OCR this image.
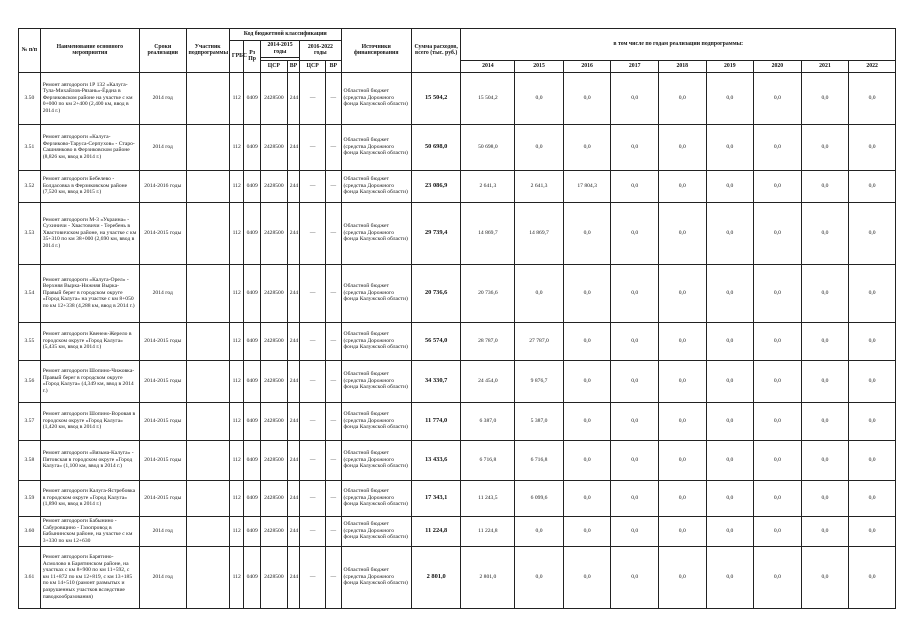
№ п/п	Наименование основного мероприятия	Сроки реализации	Участник подпрограммы	Код бюджетной классификации						Источники финансирования	Сумма расходов, всего (тыс. руб.)	в том числе по годам реализации подпрограммы:								
				ГРБС	Рз Пр	2014-2015 годы		2016-2022 годы												

						ЦСР	ВР	ЦСР	ВР			2014	2015	2016	2017	2018	2019	2020	2021	2022
3.50	Ремонт автодороги 1Р 132 «Калуга-Тула-Михайлов-Рязань»-Ёрдна в Ферзиковском районе на участке с км 0+000 по км 2+400 (2,400 км, ввод в 2014 г.)	2014 год		112	0409	2428500	244	—	—	Областной бюджет (средства Дорожного фонда Калужской области)	15 504,2	15 504,2	0,0	0,0	0,0	0,0	0,0	0,0	0,0	0,0
3.51	Ремонт автодороги «Калуга-Ферзиково-Таруса-Серпухов» - Старо-Сашнянково в Ферзиковском районе (8,826 км, ввод в 2014 г.)	2014 год		112	0409	2428500	244	—	—	Областной бюджет (средства Дорожного фонда Калужской области)	50 698,0	50 698,0	0,0	0,0	0,0	0,0	0,0	0,0	0,0	0,0
3.52	Ремонт автодороги Бебелево - Болдасовка в Ферзиковском районе (7,520 км, ввод в 2015 г.)	2014-2016 годы		112	0409	2428500	244	—	—	Областной бюджет (средства Дорожного фонда Калужской области)	23 086,9	2 641,3	2 641,3	17 804,3	0,0	0,0	0,0	0,0	0,0	0,0
3.53	Ремонт автодороги М-3 «Украина» - Сухиничи - Хвастовичи - Теребень в Хвастовичском районе, на участке с км 35+310 по км 38+000 (2,690 км, ввод в 2014 г.)	2014-2015 годы		112	0409	2428500	244	—	—	Областной бюджет (средства Дорожного фонда Калужской области)	29 739,4	14 869,7	14 869,7	0,0	0,0	0,0	0,0	0,0	0,0	0,0
3.54	Ремонт автодороги «Калуга-Орел» - Верхняя Вырка-Нижняя Вырка-Правый берег в городском округе «Город Калуга» на участке с км 8+050 по км 12+338 (4,288 км, ввод в 2014 г.)	2014 год		112	0409	2428500	244	—	—	Областной бюджет (средства Дорожного фонда Калужской области)	20 736,6	20 736,6	0,0	0,0	0,0	0,0	0,0	0,0	0,0	0,0
3.55	Ремонт автодороги Квенеж-Жерело в городском округе «Город Калуга» (5,435 км, ввод в 2014 г.)	2014-2015 годы		112	0409	2428500	244	—	—	Областной бюджет (средства Дорожного фонда Калужской области)	56 574,0	28 787,0	27 787,0	0,0	0,0	0,0	0,0	0,0	0,0	0,0
3.56	Ремонт автодороги Шопино-Чижовка-Правый берег в городском округе «Город Калуга» (4,349 км, ввод в 2014 г.)	2014-2015 годы		112	0409	2428500	244	—	—	Областной бюджет (средства Дорожного фонда Калужской области)	34 330,7	24 454,0	9 876,7	0,0	0,0	0,0	0,0	0,0	0,0	0,0
3.57	Ремонт автодороги Шопино-Воровая в городском округе «Город Калуга» (1,420 км, ввод в 2014 г.)	2014-2015 годы		112	0409	2428500	244	—	—	Областной бюджет (средства Дорожного фонда Калужской области)	11 774,0	6 387,0	5 387,0	0,0	0,0	0,0	0,0	0,0	0,0	0,0
3.58	Ремонт автодороги «Вязьма-Калуга» - Пятовская в городском округе «Город Калуга» (1,100 км, ввод в 2014 г.)	2014-2015 годы		112	0409	2428500	244	—	—	Областной бюджет (средства Дорожного фонда Калужской области)	13 433,6	6 716,8	6 716,8	0,0	0,0	0,0	0,0	0,0	0,0	0,0
3.59	Ремонт автодороги Калуга-Ястребовка в городском округе «Город Калуга» (1,890 км, ввод в 2014 г.)	2014-2015 годы		112	0409	2428500	244	—	—	Областной бюджет (средства Дорожного фонда Калужской области)	17 343,1	11 243,5	6 099,6	0,0	0,0	0,0	0,0	0,0	0,0	0,0
3.60	Ремонт автодороги Бабынино - Сабуровщино - Газопровод в Бабынинском районе, на участке с км 3+330 по км 12+630	2014 год		112	0409	2428500	244	—	—	Областной бюджет (средства Дорожного фонда Калужской области)	11 224,8	11 224,8	0,0	0,0	0,0	0,0	0,0	0,0	0,0	0,0
3.61	Ремонт автодороги Барятино-Асмолово в Барятинском районе, на участках с км 8+900 по км 11+592, с км 11+872 по км 12+819, с км 13+185 по км 14+510 (рамонт размытых и разрушенных участков вследствие паводкообразования)	2014 год		112	0409	2428500	244	—	—	Областной бюджет (средства Дорожного фонда Калужской области)	2 801,0	2 801,0	0,0	0,0	0,0	0,0	0,0	0,0	0,0	0,0
